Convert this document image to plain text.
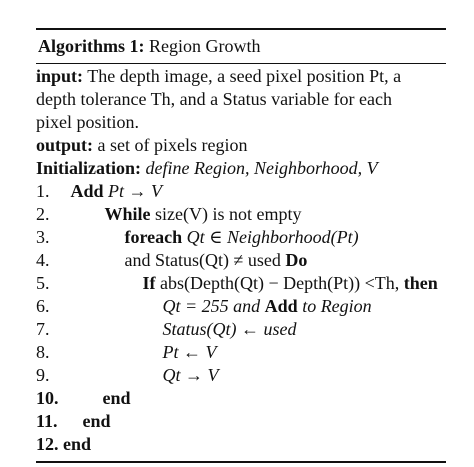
Algorithms 1: Region Growth
input: The depth image, a seed pixel position Pt, a
depth tolerance Th, and a Status variable for each
pixel position.
output: a set of pixels region
Initialization: define Region, Neighborhood, V
1. Add Pt → V
2.	While size(V) is not empty
3.	foreach Qt ∈ Neighborhood(Pt)
4.	and Status(Qt) ≠ used Do
5.	If abs(Depth(Qt) − Depth(Pt)) <Th, then
6.	Qt = 255 and Add to Region
7.	Status(Qt) ← used
8.	Pt ← V
9.	Qt → V
10. end
11. end
12. end
